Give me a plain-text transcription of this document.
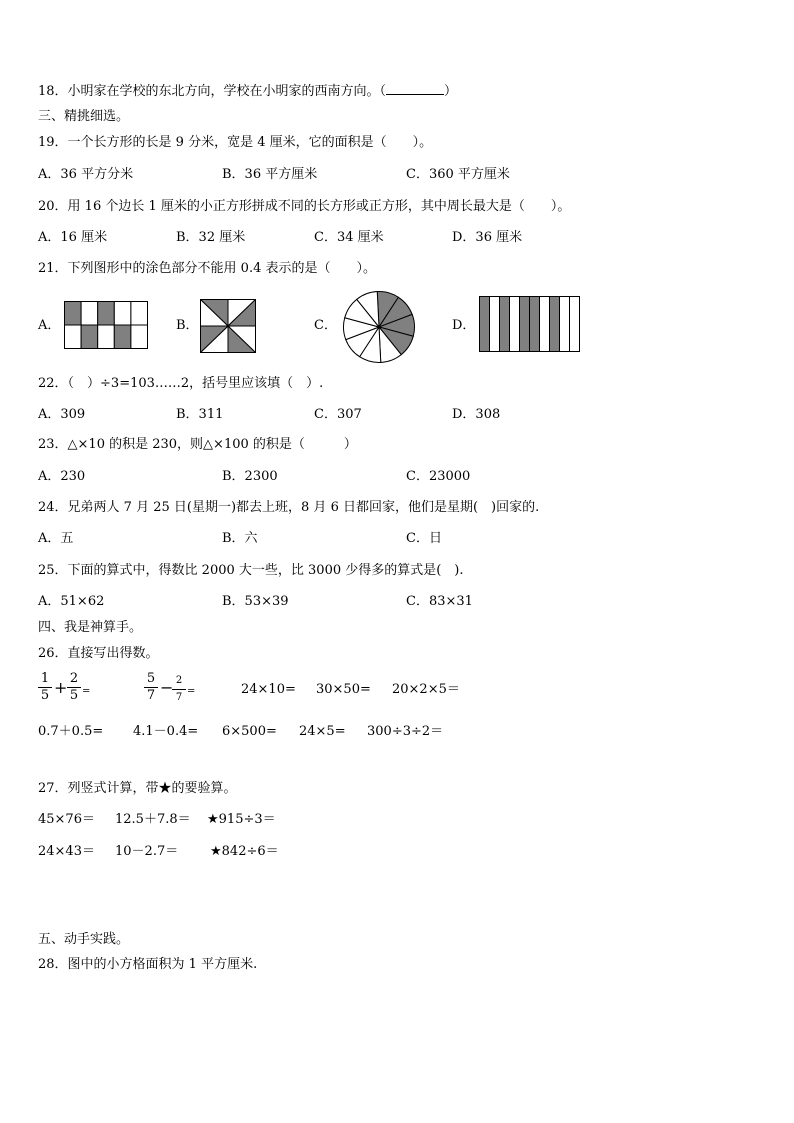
18．小明家在学校的东北方向，学校在小明家的西南方向。（	）
三、精挑细选。
19．一个长方形的长是 9 分米，宽是 4 厘米，它的面积是（　　）。
A．36 平方分米	B．36 平方厘米	C．360 平方厘米
20．用 16 个边长 1 厘米的小正方形拼成不同的长方形或正方形，其中周长最大是（　　）。
A．16 厘米	B．32 厘米	C．34 厘米	D．36 厘米
21．下列图形中的涂色部分不能用 0.4 表示的是（　　）。
A．	B．	C．	D．
22．（　）÷3=103……2，括号里应该填（　）.
A．309	B．311	C．307	D．308
23．△×10 的积是 230，则△×100 的积是（　　　）
A．230	B．2300	C．23000
24．兄弟两人 7 月 25 日(星期一)都去上班，8 月 6 日都回家，他们是星期(　)回家的.
A．五	B．六	C．日
25．下面的算式中，得数比 2000 大一些，比 3000 少得多的算式是(　).
A．51×62	B．53×39	C．83×31
四、我是神算手。
26．直接写出得数。
1
5 + 2
5 =
5
7 − 2
7
=	24×10= 30×50= 20×2×5＝
0.7＋0.5= 4.1－0.4= 6×500= 24×5= 300÷3÷2＝
27．列竖式计算，带★的要验算。
45×76＝ 12.5＋7.8＝ ★915÷3＝
24×43＝ 10－2.7＝ ★842÷6＝
五、动手实践。
28．图中的小方格面积为 1 平方厘米.
